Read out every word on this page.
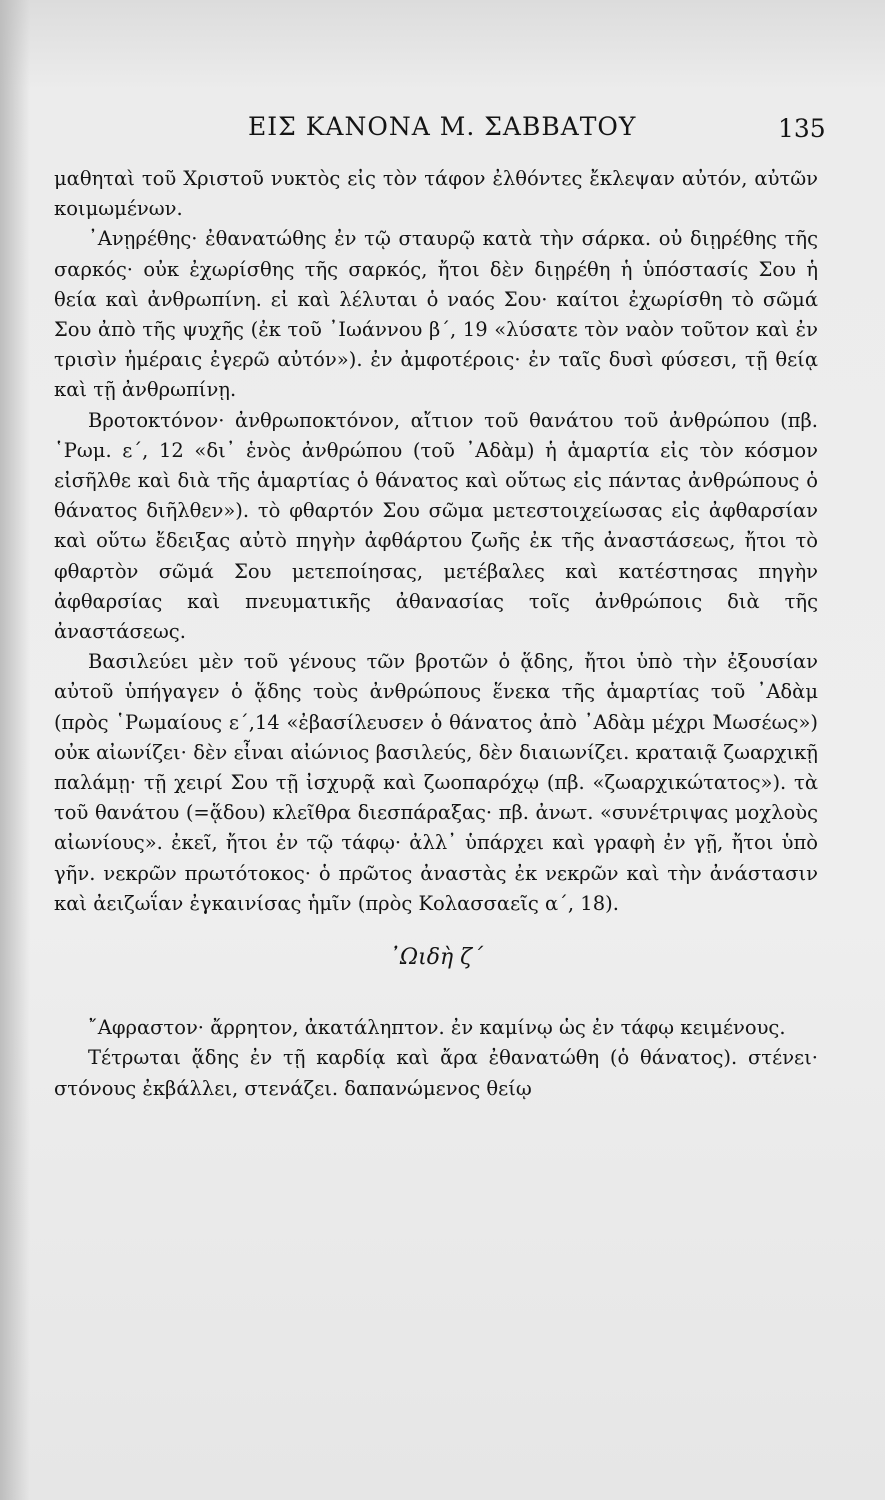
ΕΙΣ ΚΑΝΟΝΑ Μ. ΣΑΒΒΑΤΟΥ	135

μαθηταὶ τοῦ Χριστοῦ νυκτὸς εἰς τὸν τάφον ἐλθόντες ἔκλεψαν αὐτόν, αὐτῶν κοιμωμένων.

᾿Ανῃρέθης· ἐθανατώθης ἐν τῷ σταυρῷ κατὰ τὴν σάρκα. οὐ διῃρέθης τῆς σαρκός· οὐκ ἐχωρίσθης τῆς σαρκός, ἤτοι δὲν διῃρέθη ἡ ὑπόστασίς Σου ἡ θεία καὶ ἀνθρωπίνη. εἰ καὶ λέλυται ὁ ναός Σου· καίτοι ἐχωρίσθη τὸ σῶμά Σου ἀπὸ τῆς ψυχῆς (ἐκ τοῦ ᾿Ιωάννου β΄, 19 «λύσατε τὸν ναὸν τοῦτον καὶ ἐν τρισὶν ἡμέραις ἐγερῶ αὐτόν»). ἐν ἀμφοτέροις· ἐν ταῖς δυσὶ φύσεσι, τῇ θείᾳ καὶ τῇ ἀνθρωπίνῃ.

Βροτοκτόνον· ἀνθρωποκτόνον, αἴτιον τοῦ θανάτου τοῦ ἀνθρώπου (πβ. ῾Ρωμ. ε΄, 12 «δι᾿ ἑνὸς ἀνθρώπου (τοῦ ᾿Αδὰμ) ἡ ἁμαρτία εἰς τὸν κόσμον εἰσῆλθε καὶ διὰ τῆς ἁμαρτίας ὁ θάνατος καὶ οὕτως εἰς πάντας ἀνθρώπους ὁ θάνατος διῆλθεν»). τὸ φθαρτόν Σου σῶμα μετεστοιχείωσας εἰς ἀφθαρσίαν καὶ οὕτω ἔδειξας αὐτὸ πηγὴν ἀφθάρτου ζωῆς ἐκ τῆς ἀναστάσεως, ἤτοι τὸ φθαρτὸν σῶμά Σου μετεποίησας, μετέβαλες καὶ κατέστησας πηγὴν ἀφθαρσίας καὶ πνευματικῆς ἀθανασίας τοῖς ἀνθρώποις διὰ τῆς ἀναστάσεως.

Βασιλεύει μὲν τοῦ γένους τῶν βροτῶν ὁ ᾅδης, ἤτοι ὑπὸ τὴν ἐξουσίαν αὐτοῦ ὑπήγαγεν ὁ ᾅδης τοὺς ἀνθρώπους ἕνεκα τῆς ἁμαρτίας τοῦ ᾿Αδὰμ (πρὸς ῾Ρωμαίους ε΄,14 «ἐβασίλευσεν ὁ θάνατος ἀπὸ ᾿Αδὰμ μέχρι Μωσέως») οὐκ αἰωνίζει· δὲν εἶναι αἰώνιος βασιλεύς, δὲν διαιωνίζει. κραταιᾷ ζωαρχικῇ παλάμῃ· τῇ χειρί Σου τῇ ἰσχυρᾷ καὶ ζωοπαρόχῳ (πβ. «ζωαρχικώτατος»). τὰ τοῦ θανάτου (=ᾅδου) κλεῖθρα διεσπάραξας· πβ. ἀνωτ. «συνέτριψας μοχλοὺς αἰωνίους». ἐκεῖ, ἤτοι ἐν τῷ τάφῳ· ἀλλ᾿ ὑπάρχει καὶ γραφὴ ἐν γῇ, ἤτοι ὑπὸ γῆν. νεκρῶν πρωτότοκος· ὁ πρῶτος ἀναστὰς ἐκ νεκρῶν καὶ τὴν ἀνάστασιν καὶ ἀειζωΐαν ἐγκαινίσας ἡμῖν (πρὸς Κολασσαεῖς α΄, 18).

᾿Ωιδὴ ζ΄

῎Αφραστον· ἄρρητον, ἀκατάληπτον. ἐν καμίνῳ ὡς ἐν τάφῳ κειμένους.

Τέτρωται ᾅδης ἐν τῇ καρδίᾳ καὶ ἄρα ἐθανατώθη (ὁ θάνατος). στένει· στόνους ἐκβάλλει, στενάζει. δαπανώμενος θείῳ
